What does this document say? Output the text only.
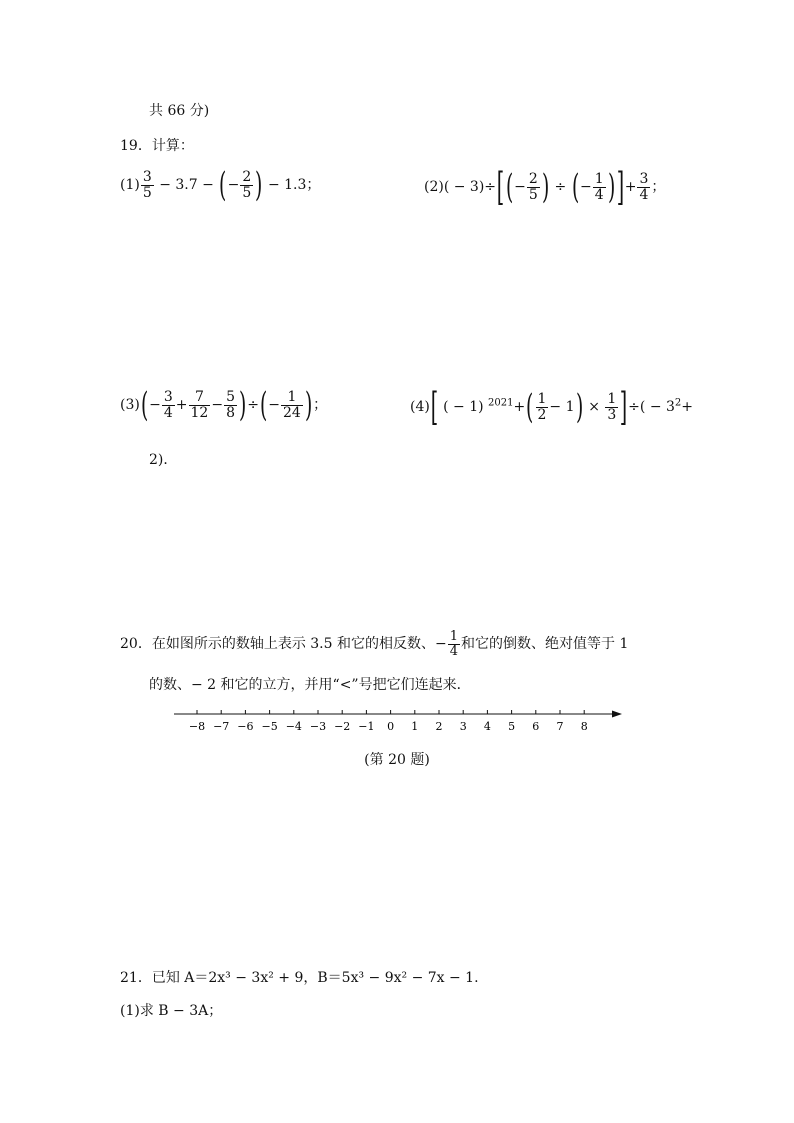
共 66 分)
19．计算：
$(1) \frac{3}{5} - 3.7$ − (− $\frac{2}{5}$ ) − 1.3；	$(2)( - 3)\div[(- \frac{2}{5}$ ) ÷ (− $\frac{1}{4}$ )]+ $\frac{3}{4}$ ；
$(3)(- \frac{3}{4} + \frac{7}{12} - \frac{5}{8}$ )÷(− $\frac{1}{24}$ )；	(4)[ ( − 1) $^{2021}+( \frac{1}{2} - 1) \times \frac{1}{3}$ ]÷( − $3^2+$
2)．
20．在如图所示的数轴上表示 3.5 和它的相反数、− $\frac{1}{4}$ 和它的倒数、绝对值等于 1
的数、− 2 和它的立方，并用“<”号把它们连起来．
−8 −7 −6 −5 −4 −3 −2 −1 0 1 2 3 4 5 6 7 8
(第 20 题)
21．已知 A＝2x³ − 3x² + 9，B＝5x³ − 9x² − 7x − 1.
(1)求 B − 3A；
